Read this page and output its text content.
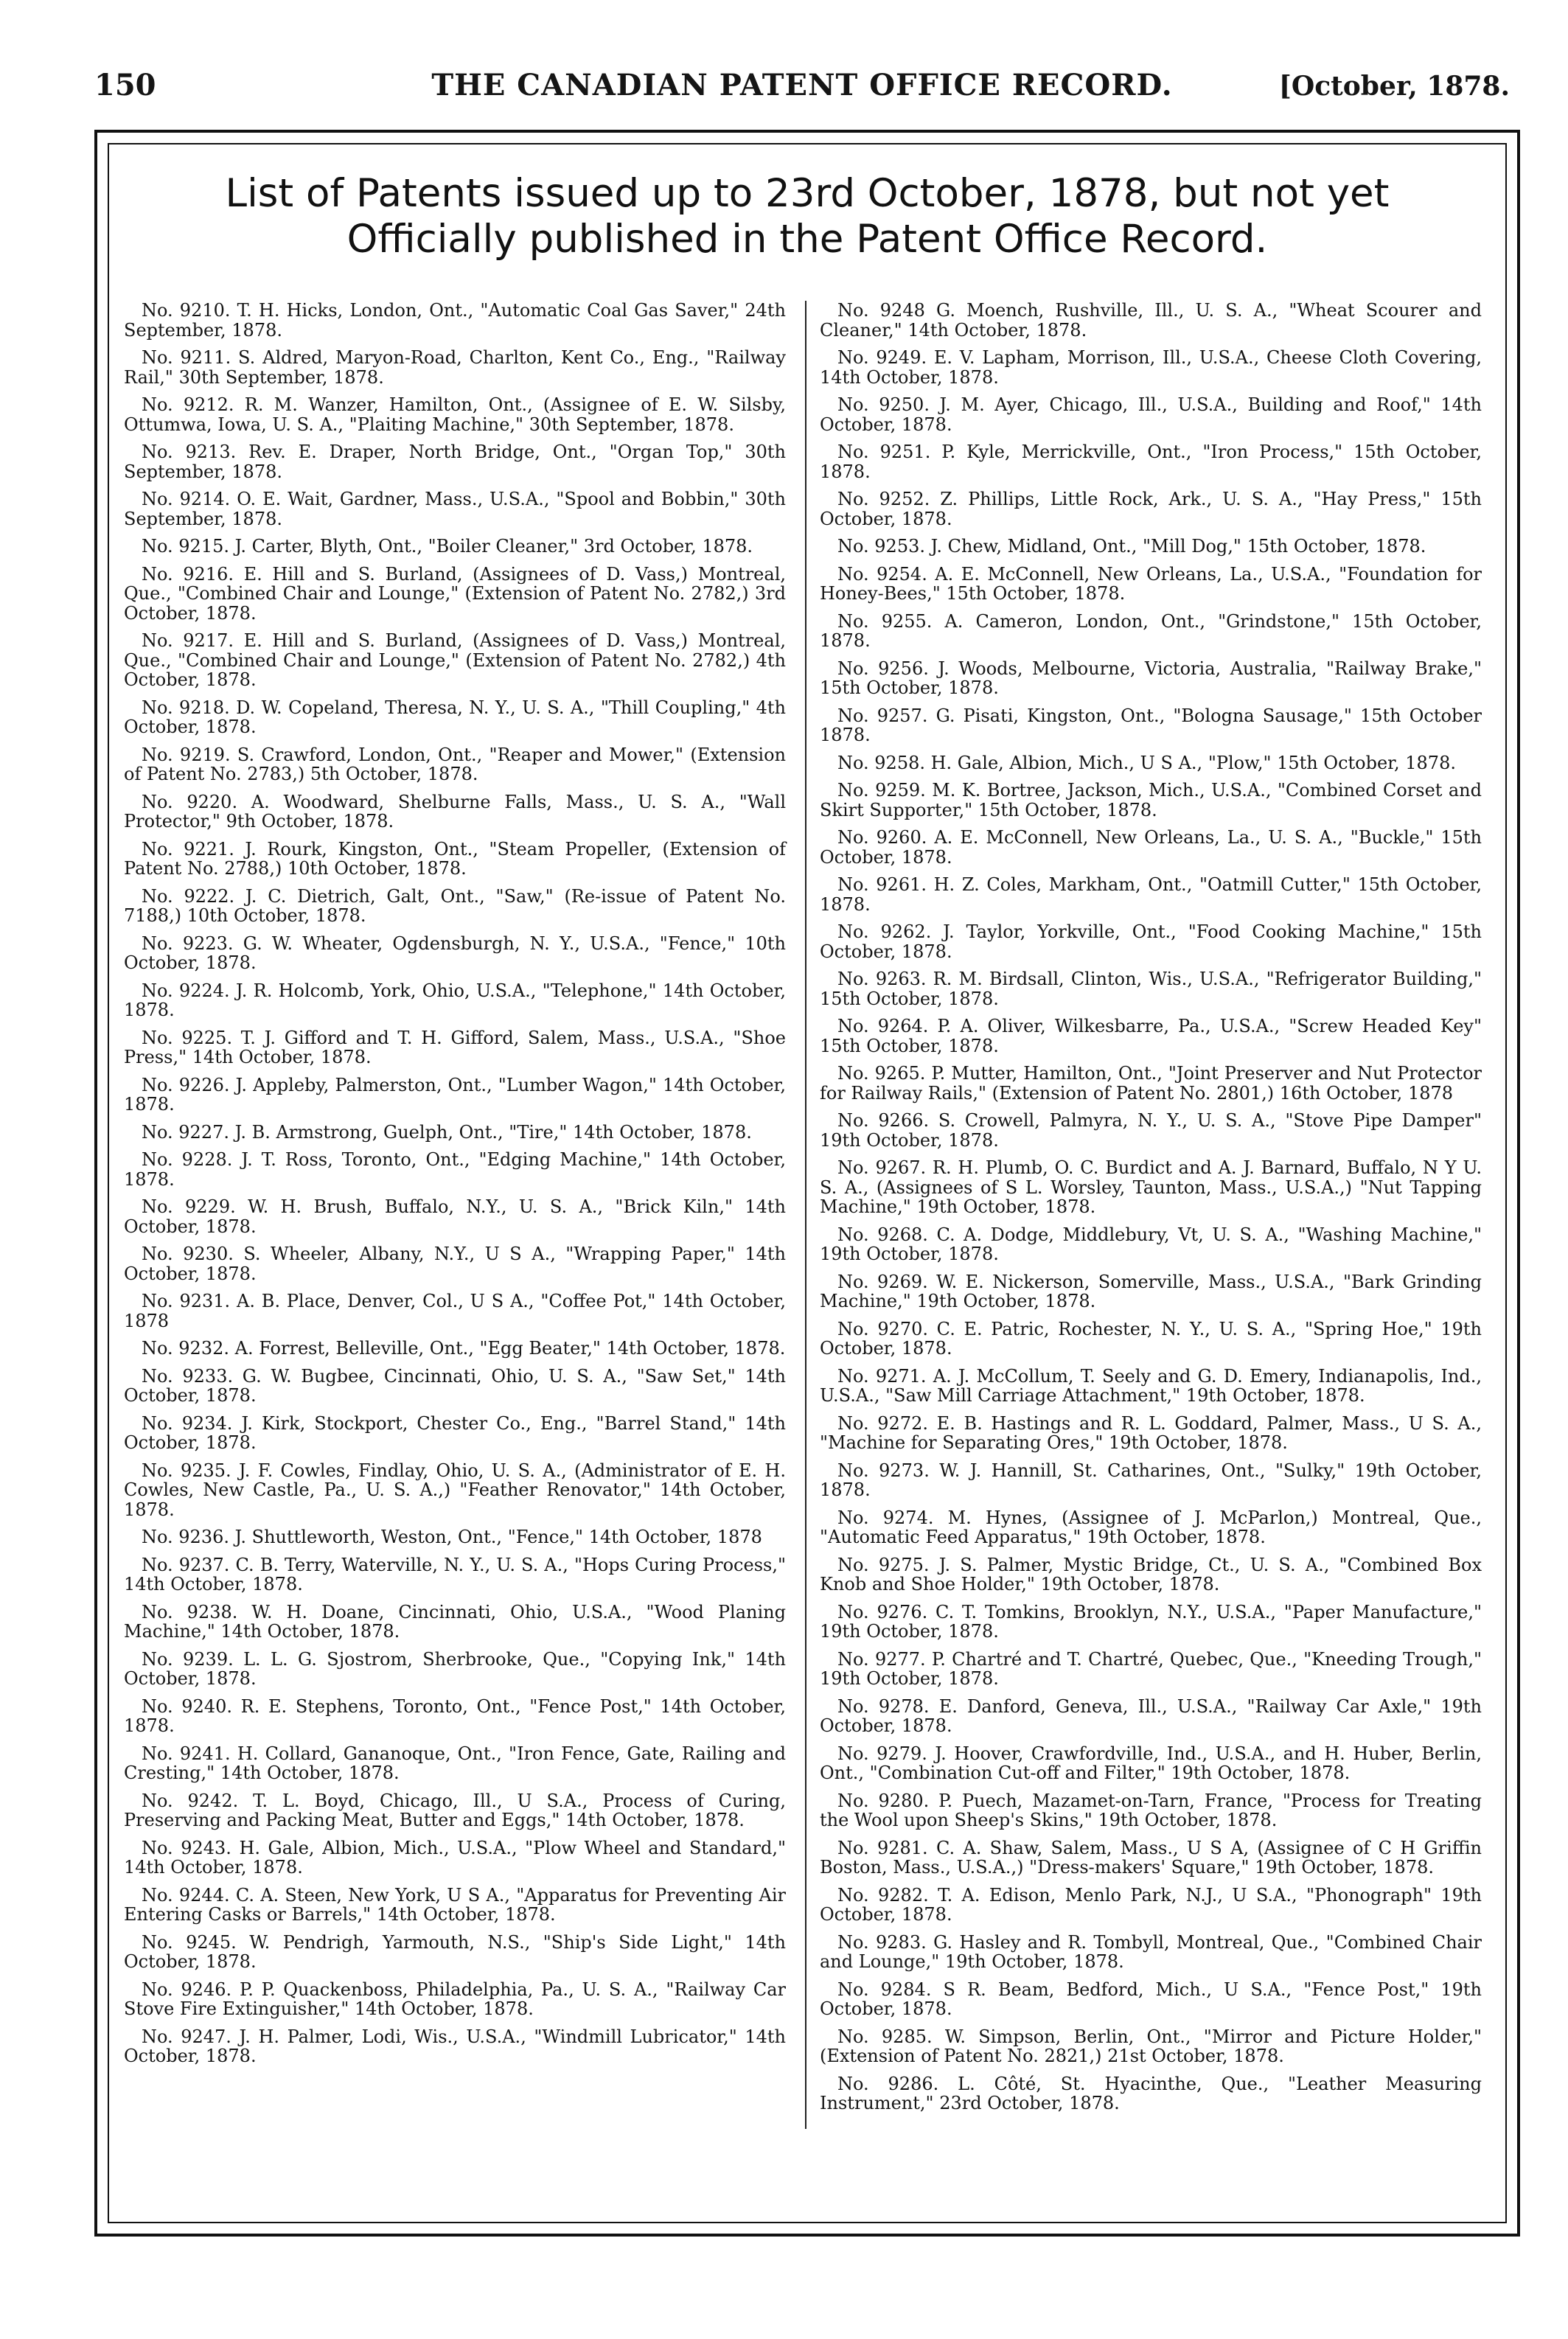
150	THE CANADIAN PATENT OFFICE RECORD.	[October, 1878.
List of Patents issued up to 23rd October, 1878, but not yet
Officially published in the Patent Office Record.

No. 9210. T. H. Hicks, London, Ont., "Automatic Coal Gas Saver," 24th September, 1878.

No. 9211. S. Aldred, Maryon-Road, Charlton, Kent Co., Eng., "Railway Rail," 30th September, 1878.

No. 9212. R. M. Wanzer, Hamilton, Ont., (Assignee of E. W. Silsby, Ottumwa, Iowa, U. S. A., "Plaiting Machine," 30th September, 1878.

No. 9213. Rev. E. Draper, North Bridge, Ont., "Organ Top," 30th September, 1878.

No. 9214. O. E. Wait, Gardner, Mass., U.S.A., "Spool and Bobbin," 30th September, 1878.

No. 9215. J. Carter, Blyth, Ont., "Boiler Cleaner," 3rd October, 1878.

No. 9216. E. Hill and S. Burland, (Assignees of D. Vass,) Montreal, Que., "Combined Chair and Lounge," (Extension of Patent No. 2782,) 3rd October, 1878.

No. 9217. E. Hill and S. Burland, (Assignees of D. Vass,) Montreal, Que., "Combined Chair and Lounge," (Extension of Patent No. 2782,) 4th October, 1878.

No. 9218. D. W. Copeland, Theresa, N. Y., U. S. A., "Thill Coupling," 4th October, 1878.

No. 9219. S. Crawford, London, Ont., "Reaper and Mower," (Extension of Patent No. 2783,) 5th October, 1878.

No. 9220. A. Woodward, Shelburne Falls, Mass., U. S. A., "Wall Protector," 9th October, 1878.

No. 9221. J. Rourk, Kingston, Ont., "Steam Propeller, (Extension of Patent No. 2788,) 10th October, 1878.

No. 9222. J. C. Dietrich, Galt, Ont., "Saw," (Re-issue of Patent No. 7188,) 10th October, 1878.

No. 9223. G. W. Wheater, Ogdensburgh, N. Y., U.S.A., "Fence," 10th October, 1878.

No. 9224. J. R. Holcomb, York, Ohio, U.S.A., "Telephone," 14th October, 1878.

No. 9225. T. J. Gifford and T. H. Gifford, Salem, Mass., U.S.A., "Shoe Press," 14th October, 1878.

No. 9226. J. Appleby, Palmerston, Ont., "Lumber Wagon," 14th October, 1878.

No. 9227. J. B. Armstrong, Guelph, Ont., "Tire," 14th October, 1878.

No. 9228. J. T. Ross, Toronto, Ont., "Edging Machine," 14th October, 1878.

No. 9229. W. H. Brush, Buffalo, N.Y., U. S. A., "Brick Kiln," 14th October, 1878.

No. 9230. S. Wheeler, Albany, N.Y., U S A., "Wrapping Paper," 14th October, 1878.

No. 9231. A. B. Place, Denver, Col., U S A., "Coffee Pot," 14th October, 1878

No. 9232. A. Forrest, Belleville, Ont., "Egg Beater," 14th October, 1878.

No. 9233. G. W. Bugbee, Cincinnati, Ohio, U. S. A., "Saw Set," 14th October, 1878.

No. 9234. J. Kirk, Stockport, Chester Co., Eng., "Barrel Stand," 14th October, 1878.

No. 9235. J. F. Cowles, Findlay, Ohio, U. S. A., (Administrator of E. H. Cowles, New Castle, Pa., U. S. A.,) "Feather Renovator," 14th October, 1878.

No. 9236. J. Shuttleworth, Weston, Ont., "Fence," 14th October, 1878

No. 9237. C. B. Terry, Waterville, N. Y., U. S. A., "Hops Curing Process," 14th October, 1878.

No. 9238. W. H. Doane, Cincinnati, Ohio, U.S.A., "Wood Planing Machine," 14th October, 1878.

No. 9239. L. L. G. Sjostrom, Sherbrooke, Que., "Copying Ink," 14th October, 1878.

No. 9240. R. E. Stephens, Toronto, Ont., "Fence Post," 14th October, 1878.

No. 9241. H. Collard, Gananoque, Ont., "Iron Fence, Gate, Railing and Cresting," 14th October, 1878.

No. 9242. T. L. Boyd, Chicago, Ill., U S.A., Process of Curing, Preserving and Packing Meat, Butter and Eggs," 14th October, 1878.

No. 9243. H. Gale, Albion, Mich., U.S.A., "Plow Wheel and Standard," 14th October, 1878.

No. 9244. C. A. Steen, New York, U S A., "Apparatus for Preventing Air Entering Casks or Barrels," 14th October, 1878.

No. 9245. W. Pendrigh, Yarmouth, N.S., "Ship's Side Light," 14th October, 1878.

No. 9246. P. P. Quackenboss, Philadelphia, Pa., U. S. A., "Railway Car Stove Fire Extinguisher," 14th October, 1878.

No. 9247. J. H. Palmer, Lodi, Wis., U.S.A., "Windmill Lubricator," 14th October, 1878.

No. 9248 G. Moench, Rushville, Ill., U. S. A., "Wheat Scourer and Cleaner," 14th October, 1878.

No. 9249. E. V. Lapham, Morrison, Ill., U.S.A., Cheese Cloth Covering, 14th October, 1878.

No. 9250. J. M. Ayer, Chicago, Ill., U.S.A., Building and Roof," 14th October, 1878.

No. 9251. P. Kyle, Merrickville, Ont., "Iron Process," 15th October, 1878.

No. 9252. Z. Phillips, Little Rock, Ark., U. S. A., "Hay Press," 15th October, 1878.

No. 9253. J. Chew, Midland, Ont., "Mill Dog," 15th October, 1878.

No. 9254. A. E. McConnell, New Orleans, La., U.S.A., "Foundation for Honey-Bees," 15th October, 1878.

No. 9255. A. Cameron, London, Ont., "Grindstone," 15th October, 1878.

No. 9256. J. Woods, Melbourne, Victoria, Australia, "Railway Brake," 15th October, 1878.

No. 9257. G. Pisati, Kingston, Ont., "Bologna Sausage," 15th October 1878.

No. 9258. H. Gale, Albion, Mich., U S A., "Plow," 15th October, 1878.

No. 9259. M. K. Bortree, Jackson, Mich., U.S.A., "Combined Corset and Skirt Supporter," 15th October, 1878.

No. 9260. A. E. McConnell, New Orleans, La., U. S. A., "Buckle," 15th October, 1878.

No. 9261. H. Z. Coles, Markham, Ont., "Oatmill Cutter," 15th October, 1878.

No. 9262. J. Taylor, Yorkville, Ont., "Food Cooking Machine," 15th October, 1878.

No. 9263. R. M. Birdsall, Clinton, Wis., U.S.A., "Refrigerator Building," 15th October, 1878.

No. 9264. P. A. Oliver, Wilkesbarre, Pa., U.S.A., "Screw Headed Key" 15th October, 1878.

No. 9265. P. Mutter, Hamilton, Ont., "Joint Preserver and Nut Protector for Railway Rails," (Extension of Patent No. 2801,) 16th October, 1878

No. 9266. S. Crowell, Palmyra, N. Y., U. S. A., "Stove Pipe Damper" 19th October, 1878.

No. 9267. R. H. Plumb, O. C. Burdict and A. J. Barnard, Buffalo, N Y U. S. A., (Assignees of S L. Worsley, Taunton, Mass., U.S.A.,) "Nut Tapping Machine," 19th October, 1878.

No. 9268. C. A. Dodge, Middlebury, Vt, U. S. A., "Washing Machine," 19th October, 1878.

No. 9269. W. E. Nickerson, Somerville, Mass., U.S.A., "Bark Grinding Machine," 19th October, 1878.

No. 9270. C. E. Patric, Rochester, N. Y., U. S. A., "Spring Hoe," 19th October, 1878.

No. 9271. A. J. McCollum, T. Seely and G. D. Emery, Indianapolis, Ind., U.S.A., "Saw Mill Carriage Attachment," 19th October, 1878.

No. 9272. E. B. Hastings and R. L. Goddard, Palmer, Mass., U S. A., "Machine for Separating Ores," 19th October, 1878.

No. 9273. W. J. Hannill, St. Catharines, Ont., "Sulky," 19th October, 1878.

No. 9274. M. Hynes, (Assignee of J. McParlon,) Montreal, Que., "Automatic Feed Apparatus," 19th October, 1878.

No. 9275. J. S. Palmer, Mystic Bridge, Ct., U. S. A., "Combined Box Knob and Shoe Holder," 19th October, 1878.

No. 9276. C. T. Tomkins, Brooklyn, N.Y., U.S.A., "Paper Manufacture," 19th October, 1878.

No. 9277. P. Chartré and T. Chartré, Quebec, Que., "Kneeding Trough," 19th October, 1878.

No. 9278. E. Danford, Geneva, Ill., U.S.A., "Railway Car Axle," 19th October, 1878.

No. 9279. J. Hoover, Crawfordville, Ind., U.S.A., and H. Huber, Berlin, Ont., "Combination Cut-off and Filter," 19th October, 1878.

No. 9280. P. Puech, Mazamet-on-Tarn, France, "Process for Treating the Wool upon Sheep's Skins," 19th October, 1878.

No. 9281. C. A. Shaw, Salem, Mass., U S A, (Assignee of C H Griffin Boston, Mass., U.S.A.,) "Dress-makers' Square," 19th October, 1878.

No. 9282. T. A. Edison, Menlo Park, N.J., U S.A., "Phonograph" 19th October, 1878.

No. 9283. G. Hasley and R. Tombyll, Montreal, Que., "Combined Chair and Lounge," 19th October, 1878.

No. 9284. S R. Beam, Bedford, Mich., U S.A., "Fence Post," 19th October, 1878.

No. 9285. W. Simpson, Berlin, Ont., "Mirror and Picture Holder," (Extension of Patent No. 2821,) 21st October, 1878.

No. 9286. L. Côté, St. Hyacinthe, Que., "Leather Measuring Instrument," 23rd October, 1878.
